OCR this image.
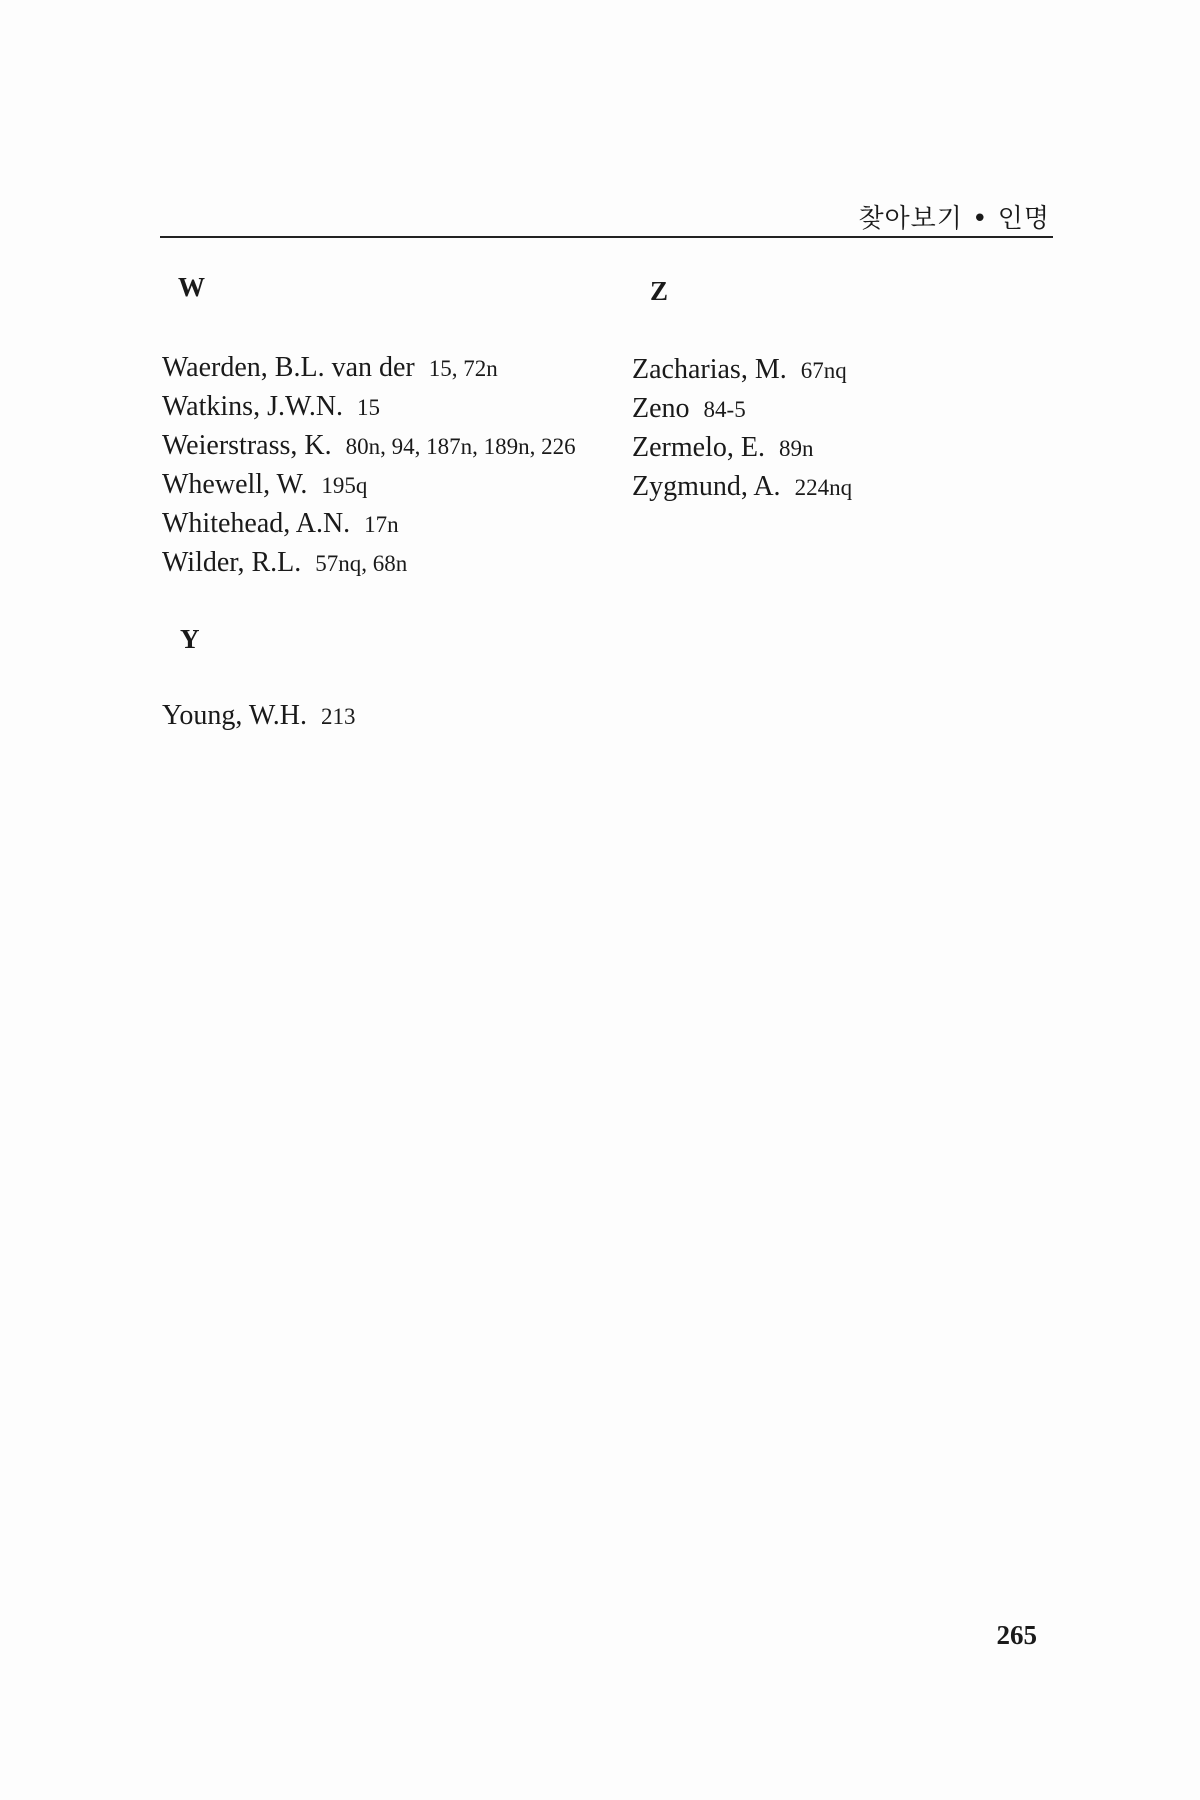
찾아보기 • 인명
W
Waerden, B.L. van der 15, 72n
Watkins, J.W.N. 15
Weierstrass, K. 80n, 94, 187n, 189n, 226
Whewell, W. 195q
Whitehead, A.N. 17n
Wilder, R.L. 57nq, 68n
Y
Young, W.H. 213
Z
Zacharias, M. 67nq
Zeno 84-5
Zermelo, E. 89n
Zygmund, A. 224nq
265
